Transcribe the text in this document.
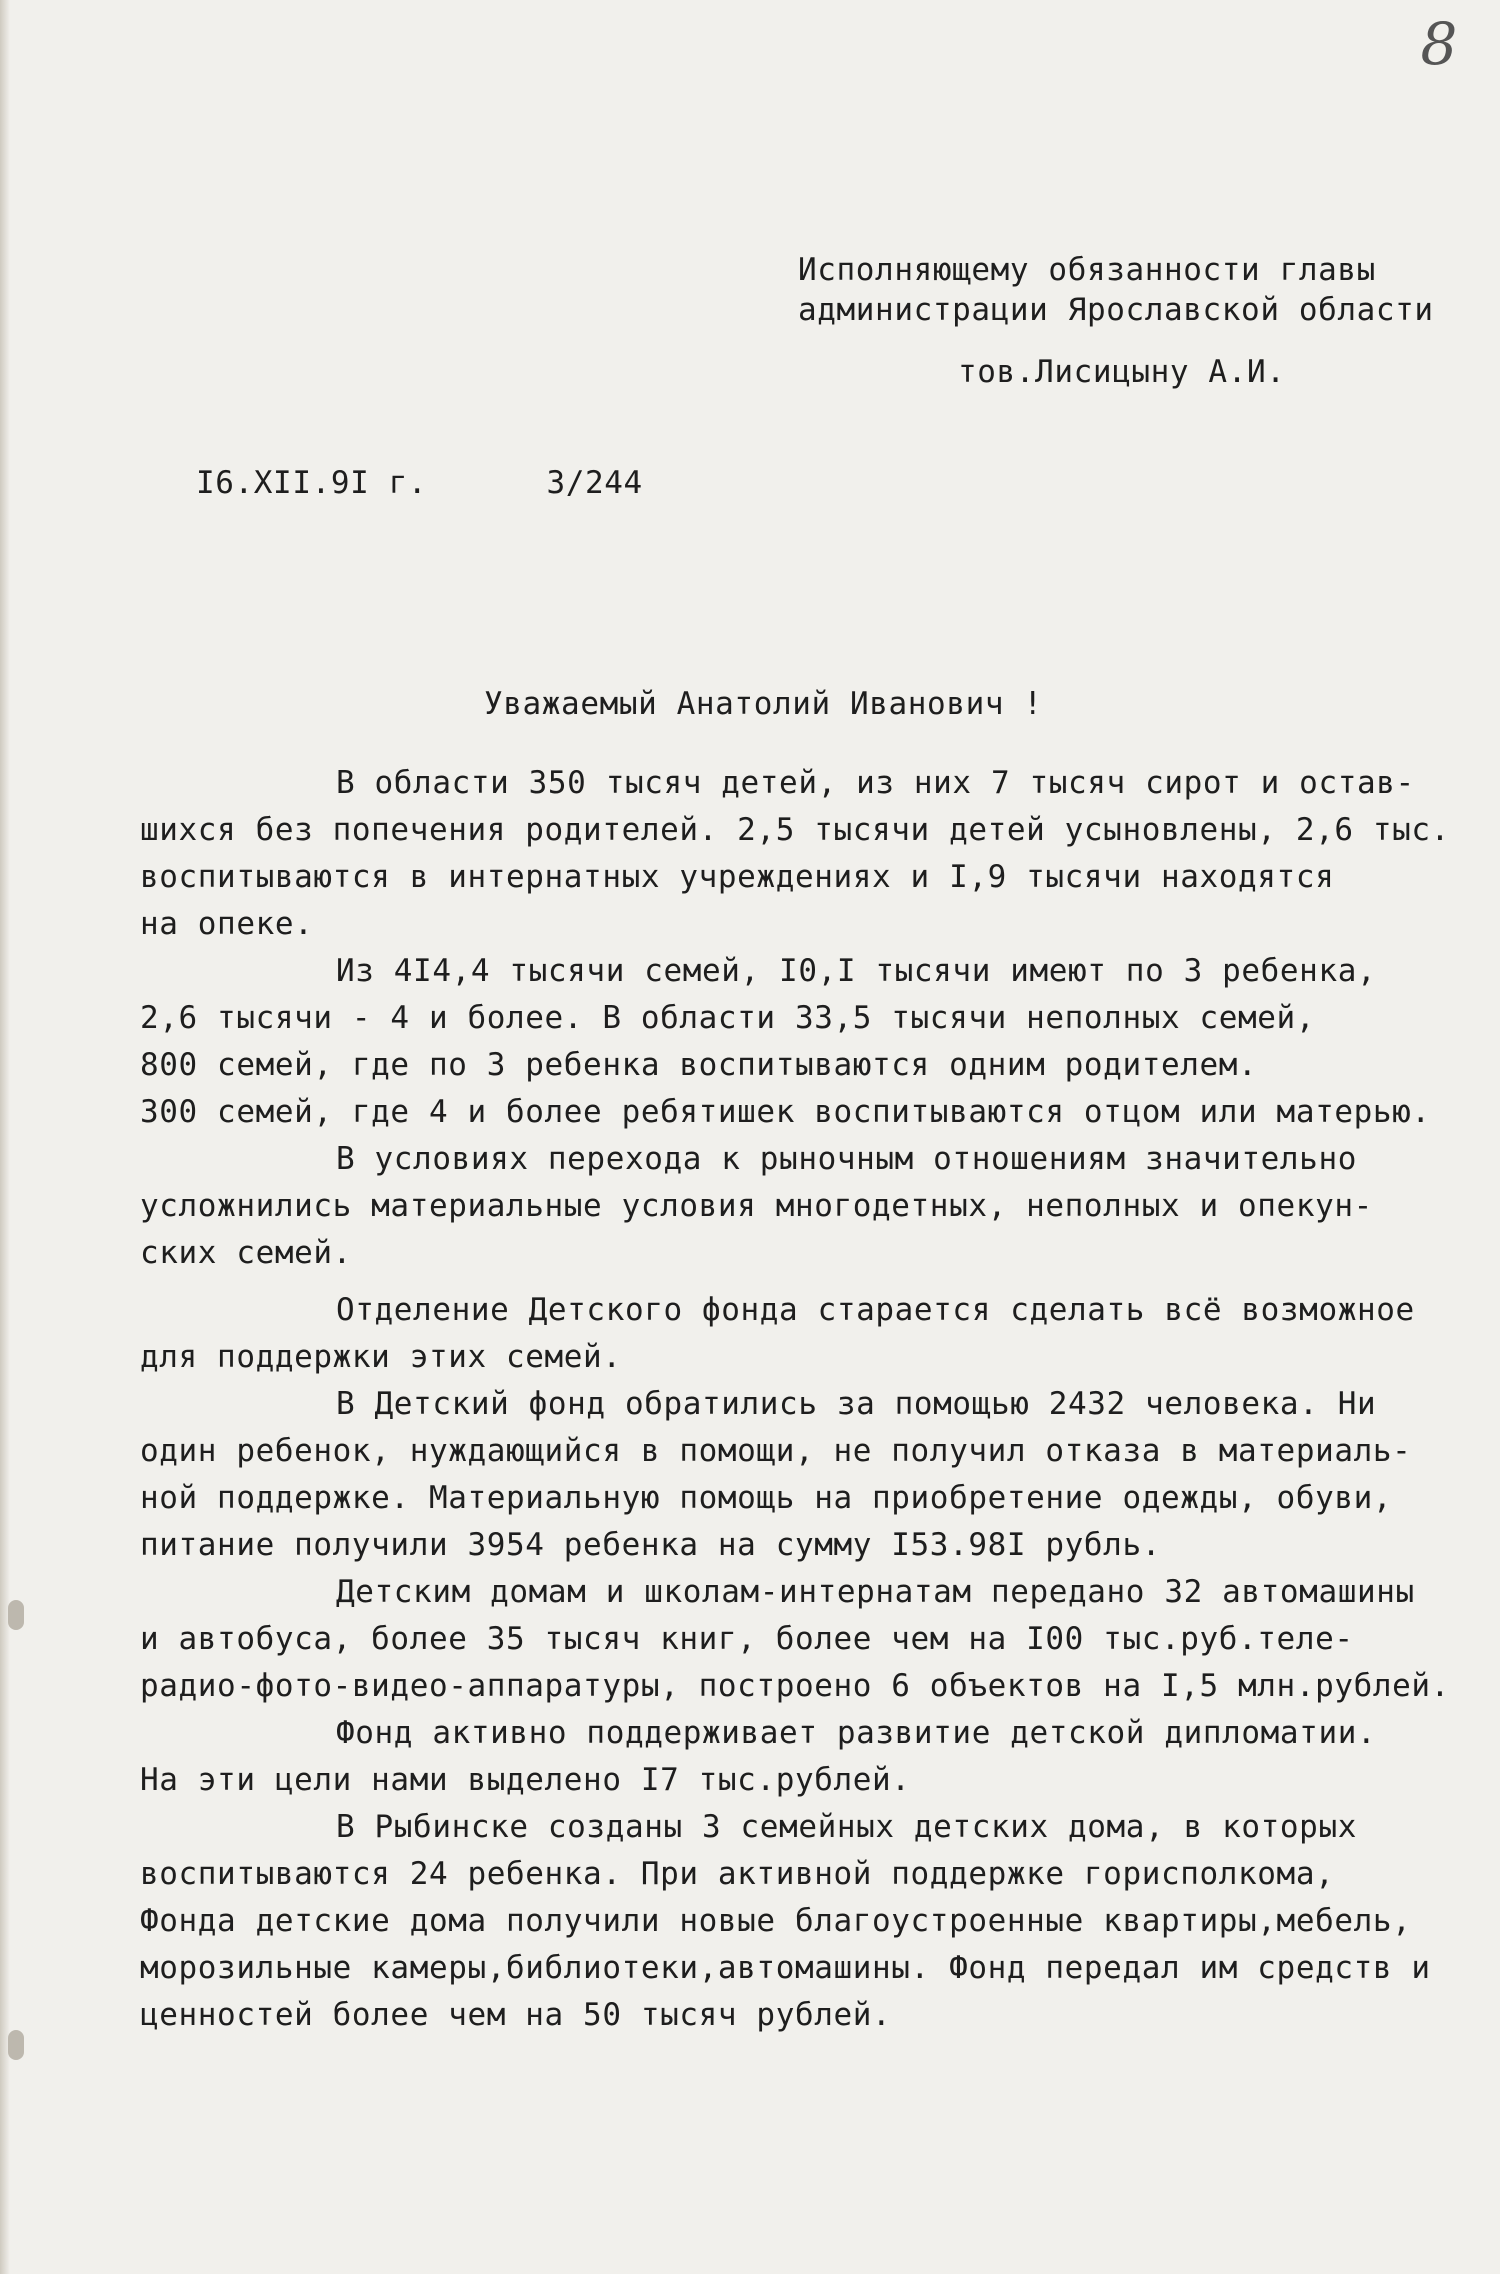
8
Исполняющему обязанности главы
администрации Ярославской области
тов.Лисицыну А.И.
I6.XII.9I г.	3/244
Уважаемый Анатолий Иванович !
В области 350 тысяч детей, из них 7 тысяч сирот и остав-
шихся без попечения родителей. 2,5 тысячи детей усыновлены, 2,6 тыс.
воспитываются в интернатных учреждениях и I,9 тысячи находятся
на опеке.
Из 4I4,4 тысячи семей, I0,I тысячи имеют по 3 ребенка,
2,6 тысячи - 4 и более. В области 33,5 тысячи неполных семей,
800 семей, где по 3 ребенка воспитываются одним родителем.
300 семей, где 4 и более ребятишек воспитываются отцом или матерью.
В условиях перехода к рыночным отношениям значительно
усложнились материальные условия многодетных, неполных и опекун-
ских семей.
Отделение Детского фонда старается сделать всё возможное
для поддержки этих семей.
В Детский фонд обратились за помощью 2432 человека. Ни
один ребенок, нуждающийся в помощи, не получил отказа в материаль-
ной поддержке. Материальную помощь на приобретение одежды, обуви,
питание получили 3954 ребенка на сумму I53.98I рубль.
Детским домам и школам-интернатам передано 32 автомашины
и автобуса, более 35 тысяч книг, более чем на I00 тыс.руб.теле-
радио-фото-видео-аппаратуры, построено 6 объектов на I,5 млн.рублей.
Фонд активно поддерживает развитие детской дипломатии.
На эти цели нами выделено I7 тыс.рублей.
В Рыбинске созданы 3 семейных детских дома, в которых
воспитываются 24 ребенка. При активной поддержке горисполкома,
Фонда детские дома получили новые благоустроенные квартиры,мебель,
морозильные камеры,библиотеки,автомашины. Фонд передал им средств и
ценностей более чем на 50 тысяч рублей.
